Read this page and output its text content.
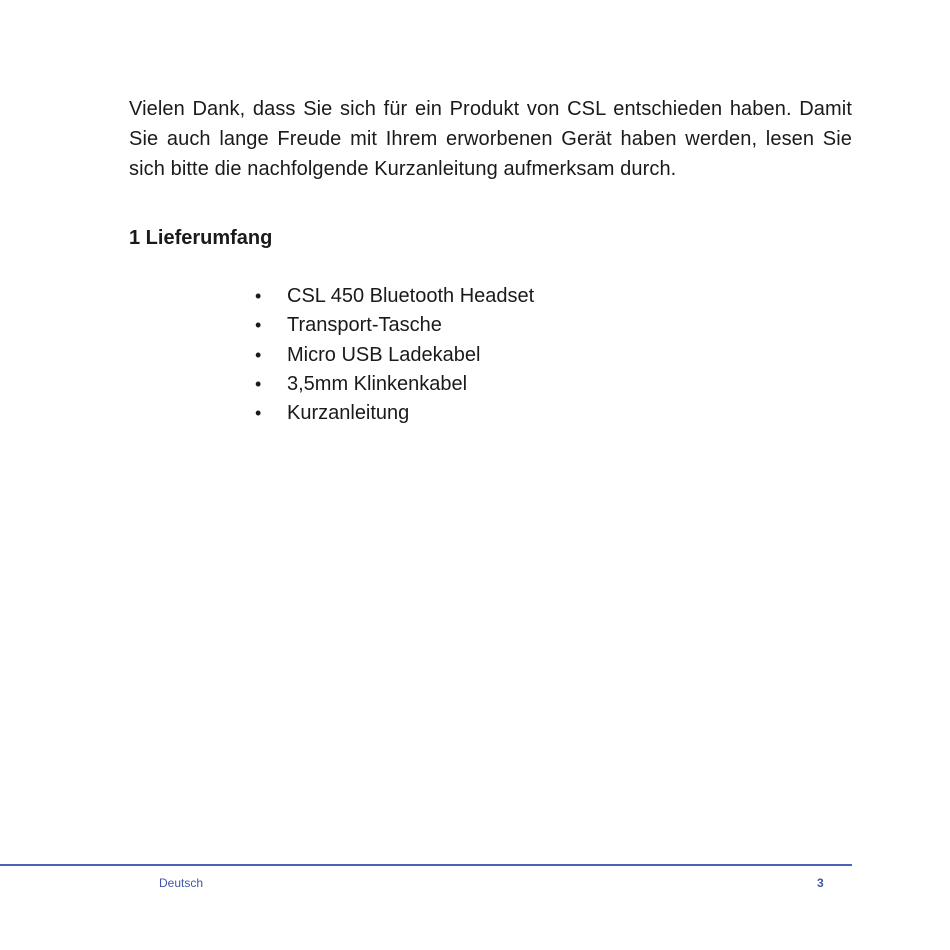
Vielen Dank, dass Sie sich für ein Produkt von CSL entschieden haben. Damit Sie auch lange Freude mit Ihrem erworbenen Gerät haben werden, lesen Sie sich bitte die nachfolgende Kurzanleitung aufmerksam durch.

1 Lieferumfang
•	CSL 450 Bluetooth Headset
•	Transport-Tasche
•	Micro USB Ladekabel
•	3,5mm Klinkenkabel
•	Kurzanleitung
Deutsch	3
